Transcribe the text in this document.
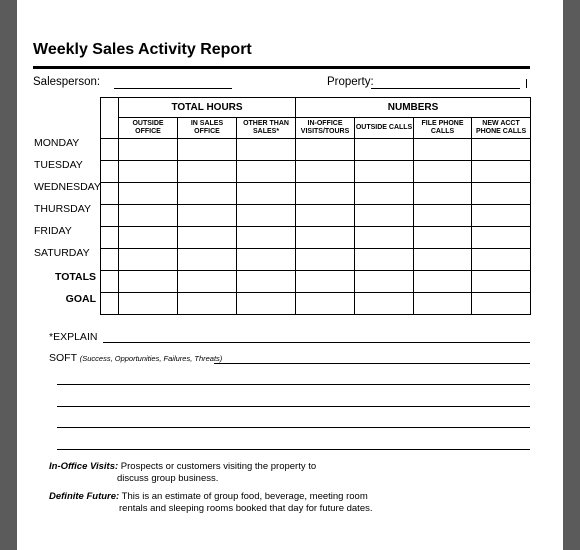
Weekly Sales Activity Report
Salesperson:	Property:
	TOTAL HOURS			NUMBERS			
	OUTSIDE OFFICE	IN SALES OFFICE	OTHER THAN SALES*	IN-OFFICE VISITS/TOURS	OUTSIDE CALLS	FILE PHONE CALLS	NEW ACCT PHONE CALLS

MONDAY
TUESDAY
WEDNESDAY
THURSDAY
FRIDAY
SATURDAY
TOTALS
GOAL
*EXPLAIN
SOFT (Success, Opportunities, Failures, Threats)
In-Office Visits: Prospects or customers visiting the property to
discuss group business.
Definite Future: This is an estimate of group food, beverage, meeting room
rentals and sleeping rooms booked that day for future dates.
